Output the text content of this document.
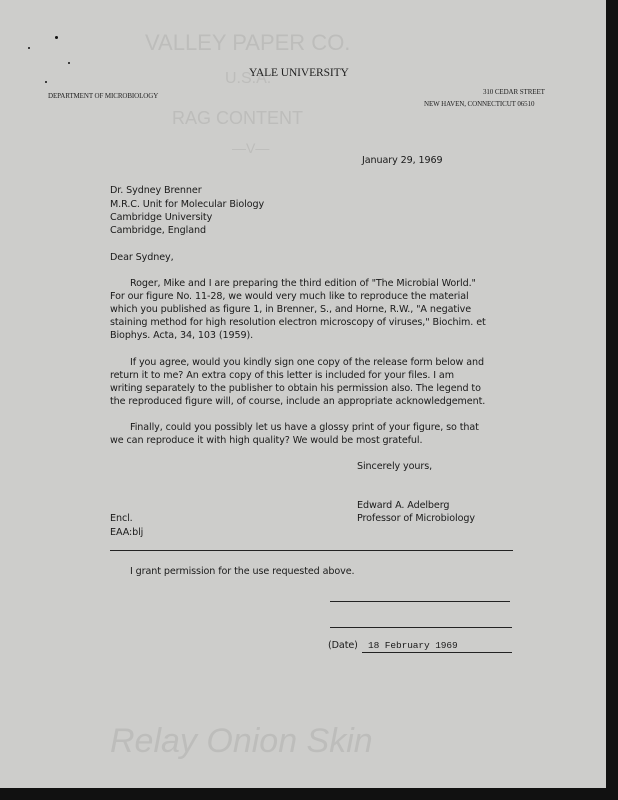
VALLEY PAPER CO.
U.S.A.
RAG CONTENT
—V—
Relay Onion Skin
YALE UNIVERSITY
DEPARTMENT OF MICROBIOLOGY	310 CEDAR STREET
NEW HAVEN, CONNECTICUT 06510
January 29, 1969
Dr. Sydney Brenner
M.R.C. Unit for Molecular Biology
Cambridge University
Cambridge, England
Dear Sydney,
Roger, Mike and I are preparing the third edition of "The Microbial World."
For our figure No. 11-28, we would very much like to reproduce the material
which you published as figure 1, in Brenner, S., and Horne, R.W., "A negative
staining method for high resolution electron microscopy of viruses," Biochim. et
Biophys. Acta, 34, 103 (1959).
If you agree, would you kindly sign one copy of the release form below and
return it to me? An extra copy of this letter is included for your files. I am
writing separately to the publisher to obtain his permission also. The legend to
the reproduced figure will, of course, include an appropriate acknowledgement.
Finally, could you possibly let us have a glossy print of your figure, so that
we can reproduce it with high quality? We would be most grateful.
Sincerely yours,
Edward A. Adelberg
Professor of Microbiology
Encl.
EAA:blj
I grant permission for the use requested above.
(Date) 18 February 1969
